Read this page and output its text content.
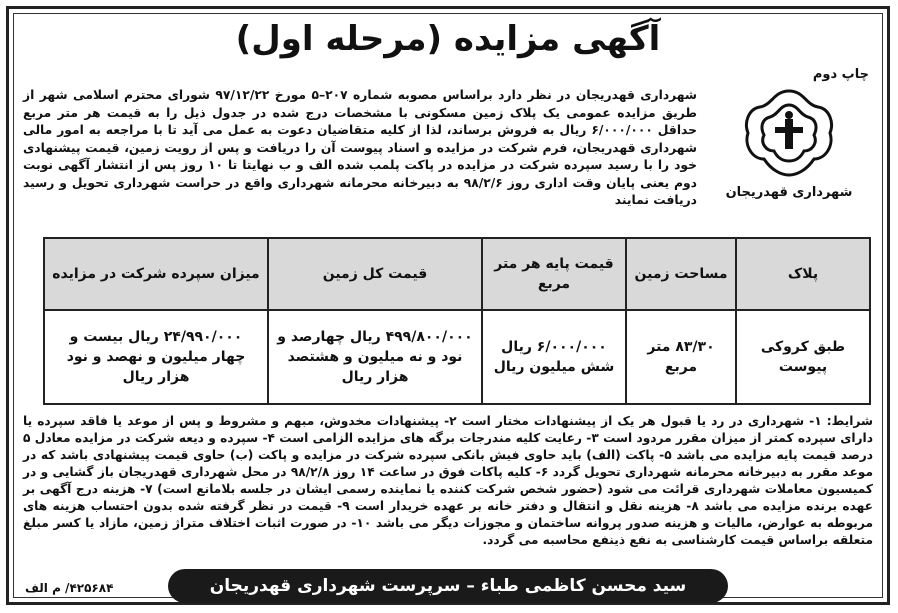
آگهی مزایده (مرحله اول)
چاپ دوم
شهرداری قهدریجان
شهرداری قهدریجان در نظر دارد براساس مصوبه شماره ۲۰۷–۵ مورخ ۹۷/۱۲/۲۲ شورای محترم اسلامی شهر از طریق مزایده عمومی یک پلاک زمین مسکونی با مشخصات درج شده در جدول ذیل را به قیمت هر متر مربع حداقل ۶/۰۰۰/۰۰۰ ریال به فروش برساند، لذا از کلیه متقاضیان دعوت به عمل می آید تا با مراجعه به امور مالی شهرداری قهدریجان، فرم شرکت در مزایده و اسناد پیوست آن را دریافت و پس از رویت زمین، قیمت پیشنهادی خود را با رسید سپرده شرکت در مزایده در پاکت پلمب شده الف و ب نهایتا تا ۱۰ روز پس از انتشار آگهی نوبت دوم یعنی پایان وقت اداری روز ۹۸/۲/۶ به دبیرخانه محرمانه شهرداری واقع در حراست شهرداری تحویل و رسید دریافت نمایند
پلاک	مساحت زمین	قیمت پایه هر متر مربع	قیمت کل زمین	میزان سپرده شرکت در مزایده
طبق کروکی پیوست	۸۳/۳۰ متر مربع	۶/۰۰۰/۰۰۰ ریال شش میلیون ریال	۴۹۹/۸۰۰/۰۰۰ ریال چهارصد و نود و نه میلیون و هشتصد هزار ریال	۲۴/۹۹۰/۰۰۰ ریال بیست و چهار میلیون و نهصد و نود هزار ریال
شرایط: ۱- شهرداری در رد یا قبول هر یک از پیشنهادات مختار است ۲- پیشنهادات مخدوش، مبهم و مشروط و پس از موعد یا فاقد سپرده یا دارای سپرده کمتر از میزان مقرر مردود است ۳- رعایت کلیه مندرجات برگه های مزایده الزامی است ۴- سپرده و دیعه شرکت در مزایده معادل ۵ درصد قیمت پایه مزایده می باشد ۵- پاکت (الف) باید حاوی فیش بانکی سپرده شرکت در مزایده و پاکت (ب) حاوی قیمت پیشنهادی باشد که در موعد مقرر به دبیرخانه محرمانه شهرداری تحویل گردد ۶- کلیه پاکات فوق در ساعت ۱۴ روز ۹۸/۲/۸ در محل شهرداری قهدریجان باز گشایی و در کمیسیون معاملات شهرداری قرائت می شود (حضور شخص شرکت کننده یا نماینده رسمی ایشان در جلسه بلامانع است) ۷- هزینه درج آگهی بر عهده برنده مزایده می باشد ۸- هزینه نقل و انتقال و دفتر خانه بر عهده خریدار است ۹- قیمت در نظر گرفته شده بدون احتساب هزینه های مربوطه به عوارض، مالیات و هزینه صدور پروانه ساختمان و مجوزات دیگر می باشد ۱۰- در صورت اثبات اختلاف متراژ زمین، مازاد یا کسر مبلغ متعلقه براساس قیمت کارشناسی به نفع ذینفع محاسبه می گردد.
سید محسن کاظمی طباء – سرپرست شهرداری قهدریجان
۴۲۵۶۸۴/ م الف
